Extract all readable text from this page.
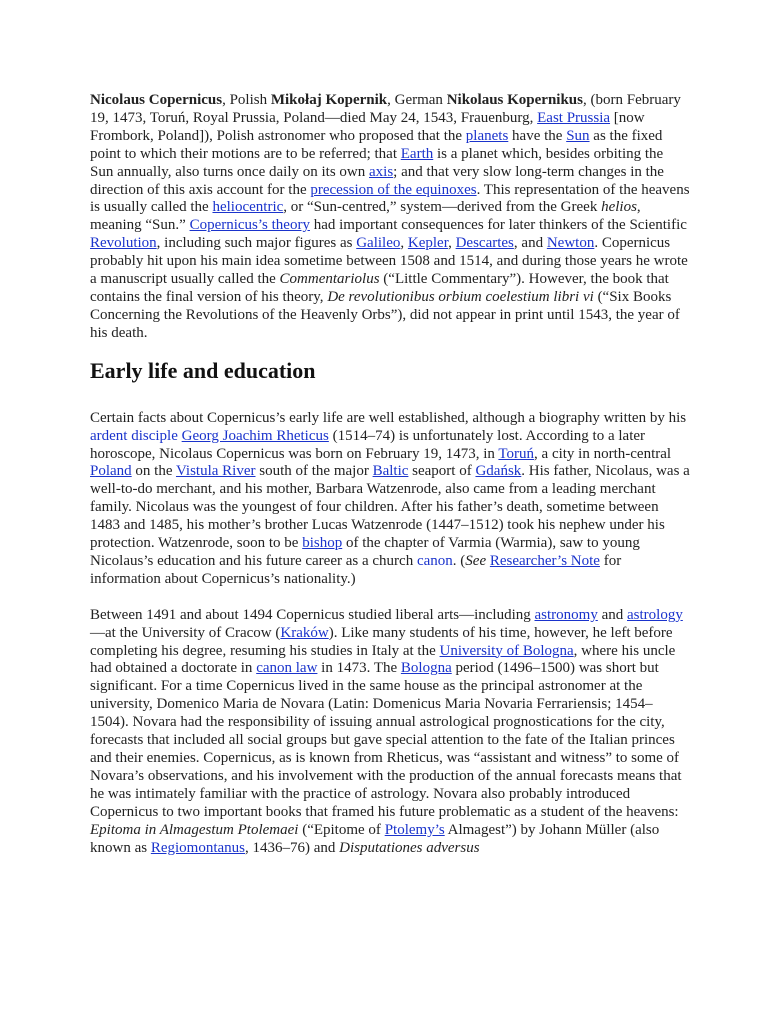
Nicolaus Copernicus, Polish Mikołaj Kopernik, German Nikolaus Kopernikus, (born February 19, 1473, Toruń, Royal Prussia, Poland—died May 24, 1543, Frauenburg, East Prussia [now Frombork, Poland]), Polish astronomer who proposed that the planets have the Sun as the fixed point to which their motions are to be referred; that Earth is a planet which, besides orbiting the Sun annually, also turns once daily on its own axis; and that very slow long-term changes in the direction of this axis account for the precession of the equinoxes. This representation of the heavens is usually called the heliocentric, or “Sun-centred,” system—derived from the Greek helios, meaning “Sun.” Copernicus’s theory had important consequences for later thinkers of the Scientific Revolution, including such major figures as Galileo, Kepler, Descartes, and Newton. Copernicus probably hit upon his main idea sometime between 1508 and 1514, and during those years he wrote a manuscript usually called the Commentariolus (“Little Commentary”). However, the book that contains the final version of his theory, De revolutionibus orbium coelestium libri vi (“Six Books Concerning the Revolutions of the Heavenly Orbs”), did not appear in print until 1543, the year of his death.

Early life and education

Certain facts about Copernicus’s early life are well established, although a biography written by his ardent disciple Georg Joachim Rheticus (1514–74) is unfortunately lost. According to a later horoscope, Nicolaus Copernicus was born on February 19, 1473, in Toruń, a city in north-central Poland on the Vistula River south of the major Baltic seaport of Gdańsk. His father, Nicolaus, was a well-to-do merchant, and his mother, Barbara Watzenrode, also came from a leading merchant family. Nicolaus was the youngest of four children. After his father’s death, sometime between 1483 and 1485, his mother’s brother Lucas Watzenrode (1447–1512) took his nephew under his protection. Watzenrode, soon to be bishop of the chapter of Varmia (Warmia), saw to young Nicolaus’s education and his future career as a church canon. (See Researcher’s Note for information about Copernicus’s nationality.)

Between 1491 and about 1494 Copernicus studied liberal arts—including astronomy and astrology—at the University of Cracow (Kraków). Like many students of his time, however, he left before completing his degree, resuming his studies in Italy at the University of Bologna, where his uncle had obtained a doctorate in canon law in 1473. The Bologna period (1496–1500) was short but significant. For a time Copernicus lived in the same house as the principal astronomer at the university, Domenico Maria de Novara (Latin: Domenicus Maria Novaria Ferrariensis; 1454–1504). Novara had the responsibility of issuing annual astrological prognostications for the city, forecasts that included all social groups but gave special attention to the fate of the Italian princes and their enemies. Copernicus, as is known from Rheticus, was “assistant and witness” to some of Novara’s observations, and his involvement with the production of the annual forecasts means that he was intimately familiar with the practice of astrology. Novara also probably introduced Copernicus to two important books that framed his future problematic as a student of the heavens: Epitoma in Almagestum Ptolemaei (“Epitome of Ptolemy’s Almagest”) by Johann Müller (also known as Regiomontanus, 1436–76) and Disputationes adversus
